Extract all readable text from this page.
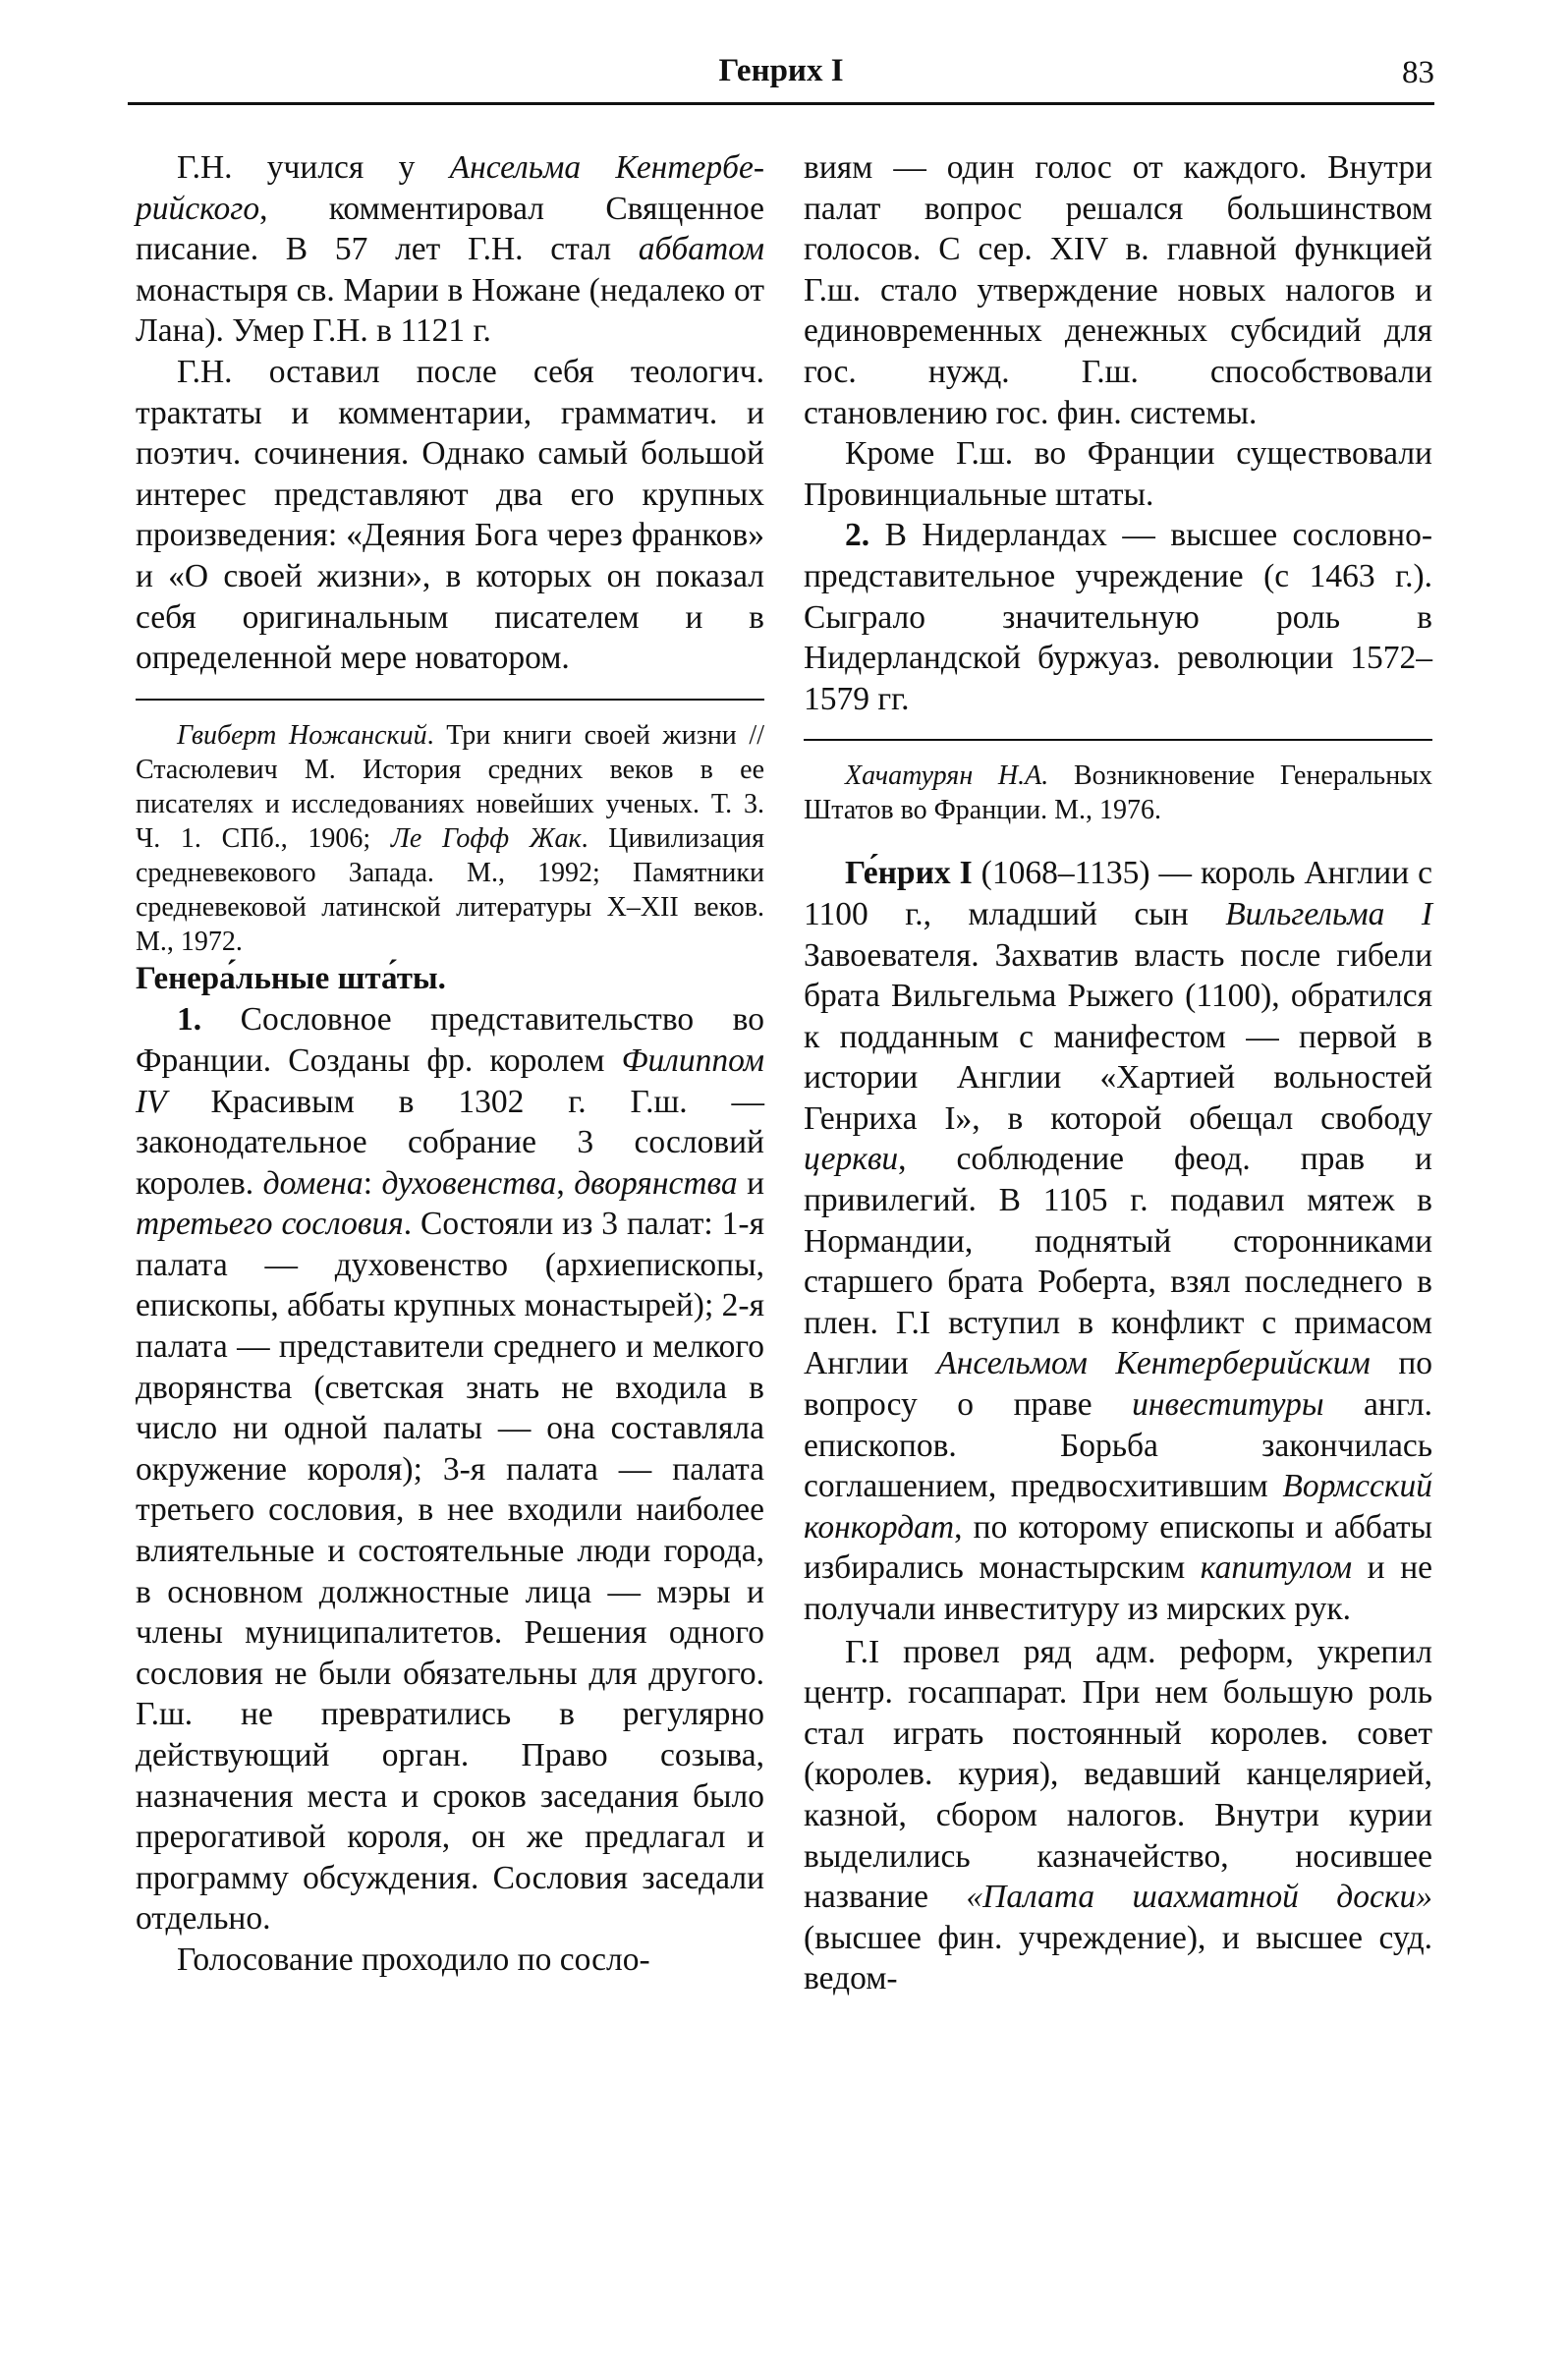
Генрих I	83

Г.Н. учился у Ансельма Кентербе-рийского, комментировал Священное писание. В 57 лет Г.Н. стал аббатом монастыря св. Марии в Ножане (недалеко от Лана). Умер Г.Н. в 1121 г.

Г.Н. оставил после себя теологич. трактаты и комментарии, грамматич. и поэтич. сочинения. Однако самый большой интерес представляют два его крупных произведения: «Деяния Бога через франков» и «О своей жизни», в которых он показал себя оригинальным писателем и в определенной мере новатором.

Гвиберт Ножанский. Три книги своей жизни // Стасюлевич М. История средних веков в ее писателях и исследованиях новейших ученых. Т. 3. Ч. 1. СПб., 1906; Ле Гофф Жак. Цивилизация средневекового Запада. М., 1992; Памятники средневековой латинской литературы X–XII веков. М., 1972.

Генера́льные шта́ты.

1. Сословное представительство во Франции. Созданы фр. королем Филиппом IV Красивым в 1302 г. Г.ш. — законодательное собрание 3 сословий королев. домена: духовенства, дворянства и третьего сословия. Состояли из 3 палат: 1-я палата — духовенство (архиепископы, епископы, аббаты крупных монастырей); 2-я палата — представители среднего и мелкого дворянства (светская знать не входила в число ни одной палаты — она составляла окружение короля); 3-я палата — палата третьего сословия, в нее входили наиболее влиятельные и состоятельные люди города, в основном должностные лица — мэры и члены муниципалитетов. Решения одного сословия не были обязательны для другого. Г.ш. не превратились в регулярно действующий орган. Право созыва, назначения места и сроков заседания было прерогативой короля, он же предлагал и программу обсуждения. Сословия заседали отдельно.

Голосование проходило по сосло-

виям — один голос от каждого. Внутри палат вопрос решался большинством голосов. С сер. XIV в. главной функцией Г.ш. стало утверждение новых налогов и единовременных денежных субсидий для гос. нужд. Г.ш. способствовали становлению гос. фин. системы.

Кроме Г.ш. во Франции существовали Провинциальные штаты.

2. В Нидерландах — высшее сословно-представительное учреждение (с 1463 г.). Сыграло значительную роль в Нидерландской буржуаз. революции 1572–1579 гг.

Хачатурян Н.А. Возникновение Генеральных Штатов во Франции. М., 1976.

Ге́нрих I (1068–1135) — король Англии с 1100 г., младший сын Вильгельма I Завоевателя. Захватив власть после гибели брата Вильгельма Рыжего (1100), обратился к подданным с манифестом — первой в истории Англии «Хартией вольностей Генриха I», в которой обещал свободу церкви, соблюдение феод. прав и привилегий. В 1105 г. подавил мятеж в Нормандии, поднятый сторонниками старшего брата Роберта, взял последнего в плен. Г.I вступил в конфликт с примасом Англии Ансельмом Кентерберийским по вопросу о праве инвеституры англ. епископов. Борьба закончилась соглашением, предвосхитившим Вормсский конкордат, по которому епископы и аббаты избирались монастырским капитулом и не получали инвеституру из мирских рук.

Г.I провел ряд адм. реформ, укрепил центр. госаппарат. При нем большую роль стал играть постоянный королев. совет (королев. курия), ведавший канцелярией, казной, сбором налогов. Внутри курии выделились казначейство, носившее название «Палата шахматной доски» (высшее фин. учреждение), и высшее суд. ведом-
